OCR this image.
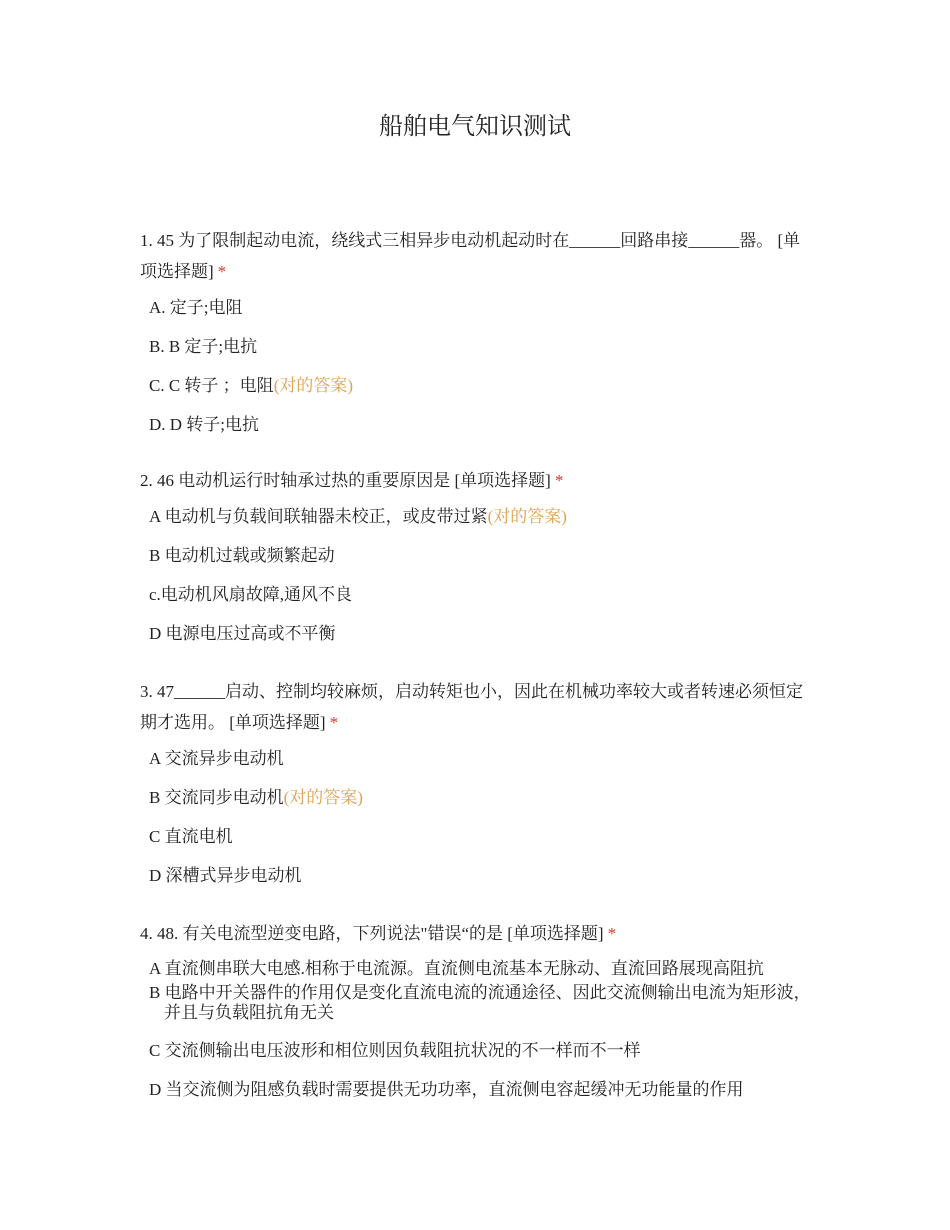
船舶电气知识测试

1. 45 为了限制起动电流，绕线式三相异步电动机起动时在______回路串接______器。 [单项选择题] *

A. 定子;电阻
B. B 定子;电抗
C. C 转子 ；电阻(对的答案)
D. D 转子;电抗

2. 46 电动机运行时轴承过热的重要原因是 [单项选择题] *

A 电动机与负载间联轴器未校正，或皮带过紧(对的答案)
B 电动机过载或频繁起动
c.电动机风扇故障,通风不良
D 电源电压过高或不平衡

3. 47______启动、控制均较麻烦，启动转矩也小，因此在机械功率较大或者转速必须恒定期才选用。 [单项选择题] *

A 交流异步电动机
B 交流同步电动机(对的答案)
C 直流电机
D 深槽式异步电动机

4. 48. 有关电流型逆变电路，下列说法"错误“的是 [单项选择题] *

A 直流侧串联大电感.相称于电流源。直流侧电流基本无脉动、直流回路展现高阻抗
B 电路中开关器件的作用仅是变化直流电流的流通途径、因此交流侧输出电流为矩形波，并且与负载阻抗角无关
C 交流侧输出电压波形和相位则因负载阻抗状况的不一样而不一样
D 当交流侧为阻感负载时需要提供无功功率，直流侧电容起缓冲无功能量的作用
